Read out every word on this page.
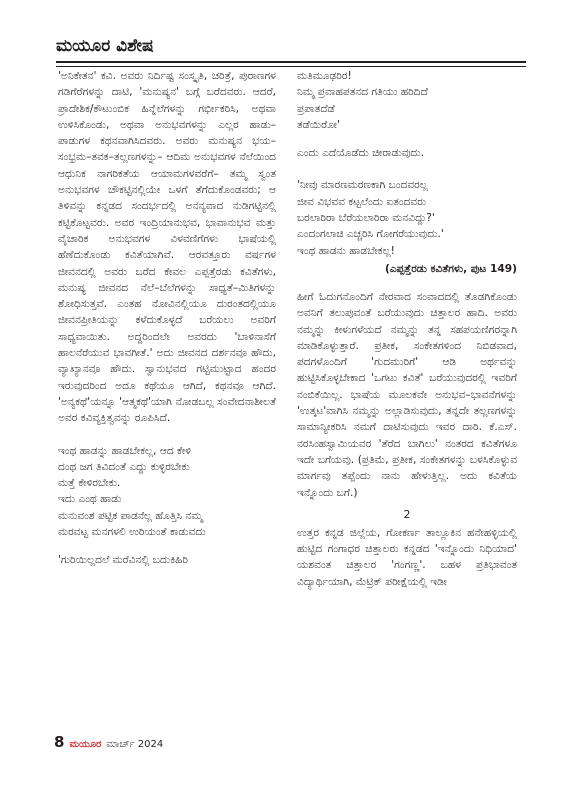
ಮಯೂರ ವಿಶೇಷ

'ಅನಿಕೇತನ' ಕವಿ. ಅವರು ನಿರ್ದಿಷ್ಟ ಸಂಸ್ಕೃತಿ, ಚರಿತ್ರೆ, ಪುರಾಣಗಳ ಗಡಿಗೆರೆಗಳನ್ನು ದಾಟಿ, 'ಮನುಷ್ಯನ' ಬಗ್ಗೆ ಬರೆದವರು. ಆದರೆ, ಪ್ರಾದೇಶಿಕ/ಕೌಟುಂಬಿಕ ಹಿನ್ನೆಲೆಗಳನ್ನು ಗರ್ಭೀಕರಿಸಿ, ಅಥವಾ ಉಳಿಸಿಕೊಂಡು, ಅಥವಾ ಅನುಭವಗಳನ್ನು ಎಲ್ಲರ ಹಾಡು–ಪಾಡುಗಳ ಕಥನವಾಗಿಸಿದವರು. ಅವರು ಮನುಷ್ಯನ ಭಯ–ಸಂಭ್ರಮ–ತವಕ–ತಲ್ಲಣಗಳನ್ನು– ಆದಿಮ ಅನುಭವಗಳ ನೆಲೆಯಿಂದ ಆಧುನಿಕ ನಾಗರಿಕತೆಯ ಆಯಾಮಗಳವರೆಗೆ– ತಮ್ಮ ಸ್ವಂತ ಅನುಭವಗಳ ಚೌಕಟ್ಟಿನಲ್ಲಿಯೇ ಒಳಗೆ ತೆಗೆದುಕೊಂಡವರು; ಆ ತಿಳಿವನ್ನು ಕನ್ನಡದ ಸಂದರ್ಭದಲ್ಲಿ ಅನನ್ಯವಾದ ನುಡಿಗಟ್ಟಿನಲ್ಲಿ ಕಟ್ಟಿಕೊಟ್ಟವರು. ಅವರ ಇಂದ್ರಿಯಾನುಭವ, ಭಾವಾನುಭವ ಮತ್ತು ವೈಚಾರಿಕ ಅನುಭವಗಳ ವಿಳವಣಿಗೆಗಳು ಭಾಷೆಯಲ್ಲಿ ಹೆಣೆದುಕೊಂಡು ಕವಿತೆಯಾಗಿವೆ. ಆರವತ್ತೂರು ವರ್ಷಗಳ ಜೀವನದಲ್ಲಿ ಅವರು ಬರೆದ ಕೇವಲ ಎಪ್ಪತ್ತೆರಡು ಕವಿತೆಗಳು, ಮನುಷ್ಯ ಜೀವನದ ನೆಲೆ–ಬೆಲೆಗಳನ್ನು ಸಾಧ್ಯತೆ–ಮಿತಿಗಳನ್ನು ಶೋಧಿಸುತ್ತವೆ. ಎಂತಹ ನೋವಿನಲ್ಲಿಯೂ ದುರಂತದಲ್ಲಿಯೂ ಜೀವನಪ್ರೀತಿಯನ್ನು ಕಳೆದುಕೊಳ್ಳದೆ ಬರೆಯಲು ಅವರಿಗೆ ಸಾಧ್ಯವಾಯಿತು. ಅದ್ದರಿಂದಲೇ ಅವರದು 'ಬಾಳಿನಾಸೆಗೆ ಹಾಲನೆರೆಯುವ ಭಾವಗೀತೆ.' ಅದು ಜೀವನದ ದರ್ಶನವೂ ಹೌದು, ವ್ಯಾಖ್ಯಾನವೂ ಹೌದು. ಸ್ವಾನುಭವದ ಗಟ್ಟಿಮುಟ್ಟಾದ ಹಂದರ ಇರುವುದರಿಂದ ಅದೂ ಕಥೆಯೂ ಆಗಿದೆ, ಕಥನವೂ ಆಗಿದೆ. 'ಅನ್ಯಕಥೆ'ಯನ್ನೂ 'ಆತ್ಮಕಥೆ'ಯಾಗಿ ನೋಡಬಲ್ಲ ಸಂವೇದನಾಶೀಲತೆ ಅವರ ಕವಿವ್ಯಕ್ತಿತ್ವವನ್ನು ರೂಪಿಸಿದೆ.

ಇಂಥ ಹಾಡನ್ನು ಹಾಡಬೇಕಲ್ಲ, ಆದ ಕೇಳಿ
ದಂಥ ಜಗ ತಿವಿದಂತೆ ಎದ್ದು ಕುಳ್ಳಿರಬೇಕು
ಮತ್ತೆ ಕೇಳಿರಬೇಕು.
ಇದು ಎಂಥ ಹಾಡು
ಮನುವಂಶ ಪಟ್ಟಿಕ ಪಾಡನೆಲ್ಲ ಹೊತ್ತಿಸಿ ನಮ್ಮ
ಮರವಟ್ಟ ಮನಗಳಲಿ ಉರಿಯಂತೆ ಕಾಡುವದು
'ಗುರಿಯಿಲ್ಲದಲೆ ಮರೆವಿನಲ್ಲಿ ಬದುಕಿಹಿರಿ
ಮತಿಮೂಢರಿರ!
ನಿಮ್ಮ ಪ್ರವಾಹಪತನದ ಗತಿಯು ಹರಿದಿದೆ
ಪ್ರಪಾತದೆಡೆ
ತಡೆಯಿರೋ'

ಎಂದು ಎದೆಯೊಡೆದು ಚೀರಾಡುವುದು.

'ನೀವು ಮಾರಣಮರಣಕಾಗಿ ಬಂದವರಲ್ಲ
ಜೀವ ವಿಭವವ ಕಟ್ಟಲೆಂದು ಐತಂದವರು
ಬರಲಾರಿರಾ ಬೆರೆಯಲಾರಿರಾ ಮನವಿದ್ದು?'
ಎಂದಂಗಲಾಚಿ ಎಚ್ಚರಿಸಿ ಗೋಗರೆಯುವುದು.'
ಇಂಥ ಹಾಡನು ಹಾಡಬೇಕಲ್ಲ!
(ಎಪ್ಪತ್ತೆರಡು ಕವಿತೆಗಳು, ಪುಟ 149)

ಹೀಗೆ ಓದುಗನೊಂದಿಗೆ ನೇರವಾದ ಸಂವಾದದಲ್ಲಿ ತೊಡಗಿಕೊಂಡು ಅವನಿಗೆ ತಲುಪುವಂತೆ ಬರೆಯುವುದು ಚಿತ್ತಾಲರ ಹಾದಿ. ಅವರು ನಮ್ಮನ್ನು ಕೀಳುಗಳೆಯದೆ ನಮ್ಮನ್ನು ತನ್ನ ಸಹಪಯಣಿಗರನ್ನಾಗಿ ಮಾಡಿಕೊಳ್ಳುತ್ತಾರೆ. ಪ್ರತೀಕ, ಸಂಕೇತಗಳಿಂದ ನಿಬಿಡವಾದ, ಪದಗಳೊಂದಿಗೆ 'ಗುದಮುರಿಗೆ' ಆಡಿ ಅರ್ಥವನ್ನು ಹುಟ್ಟಿಸಿಕೊಳ್ಳಬೇಕಾದ 'ಒಗಟು ಕವಿತೆ' ಬರೆಯುವುದರಲ್ಲಿ ಇವರಿಗೆ ನಂಬಿಕೆಯಿಲ್ಲ. ಭಾಷೆಯ ಮೂಲಕವೇ ಅನುಭವ–ಭಾವನೆಗಳನ್ನು 'ಉತ್ಕಟ'ವಾಗಿಸಿ ನಮ್ಮನ್ನು ಅಲ್ಲಾಡಿಸುವುದು, ತನ್ನದೇ ತಲ್ಲಣಗಳನ್ನು ಸಾಮಾನ್ಯೀಕರಿಸಿ ನಮಗೆ ದಾಟಿಸುವುದು ಇವರ ದಾರಿ. ಕೆ.ಎಸ್. ನರಸಿಂಹಸ್ವಾಮಿಯವರ 'ತೆರೆದ ಬಾಗಿಲು' ನಂತರದ ಕವಿತೆಗಳೂ ಇದೇ ಬಗೆಯವು. (ಪ್ರತಿಮೆ, ಪ್ರತೀಕ, ಸಂಕೇತಗಳನ್ನು ಬಳಸಿಕೊಳ್ಳುವ ಮಾರ್ಗವು ತಪ್ಪೆಂದು ನಾನು ಹೇಳುತ್ತಿಲ್ಲ. ಅದು ಕವಿತೆಯ ಇನ್ನೊಂದು ಬಗೆ.)

2

ಉತ್ತರ ಕನ್ನಡ ಜಿಲ್ಲೆಯ, ಗೋಕರ್ಣ ತಾಲ್ಲೂಕಿನ ಹನೇಹಳ್ಳಿಯಲ್ಲಿ ಹುಟ್ಟಿದ ಗಂಗಾಧರ ಚಿತ್ತಾಲರು ಕನ್ನಡದ 'ಇನ್ನೊಂದು ನಿಧಿಯಾದ' ಯಶವಂತ ಚಿತ್ತಾಲರ 'ಗಂಗಣ್ಣ'. ಬಹಳ ಪ್ರತಿಭಾವಂತ ವಿದ್ಯಾರ್ಥಿಯಾಗಿ, ಮೆಟ್ರಿಕ್ ಪರೀಕ್ಷೆಯಲ್ಲಿ ಇಡೀ

8 ಮಯೂರ ಮಾರ್ಚ್ 2024
